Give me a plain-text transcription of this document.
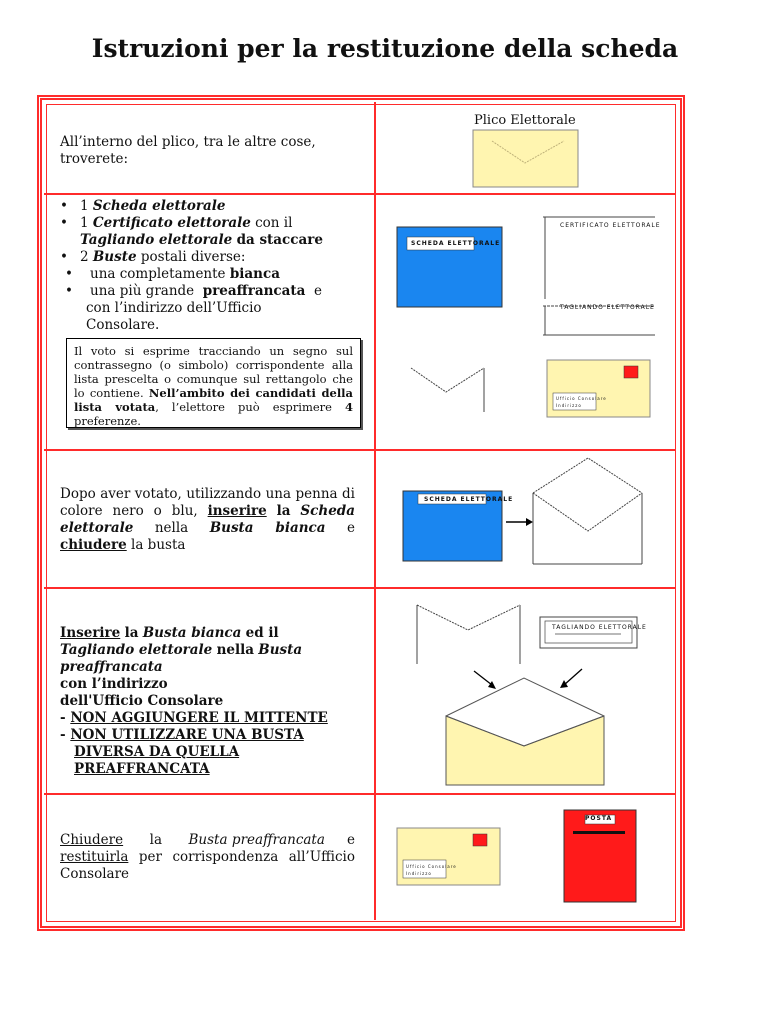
Istruzioni per la restituzione della scheda
All’interno del plico, tra le altre cose,
troverete:
Plico Elettorale
• 1 Scheda elettorale
• 1 Certificato elettorale con il
Tagliando elettorale da staccare
• 2 Buste postali diverse:
• una completamente bianca
• una più grande preaffrancata e
con l’indirizzo dell’Ufficio
Consolare.
Il voto si esprime tracciando un segno sul contrassegno (o simbolo) corrispondente alla lista prescelta o comunque sul rettangolo che lo contiene. Nell’ambito dei candidati della lista votata, l’elettore può esprimere 4 preferenze.
SCHEDA ELETTORALE
CERTIFICATO ELETTORALE
TAGLIANDO ELETTORALE
Ufficio Consolare
Indirizzo
Dopo aver votato, utilizzando una penna di colore nero o blu, inserire la Scheda elettorale nella Busta bianca e chiudere la busta
SCHEDA ELETTORALE
Inserire la Busta bianca ed il
Tagliando elettorale nella Busta preaffrancata
con l’indirizzo
dell'Ufficio Consolare
- NON AGGIUNGERE IL MITTENTE
- NON UTILIZZARE UNA BUSTA
DIVERSA DA QUELLA
PREAFFRANCATA
TAGLIANDO ELETTORALE
Chiudere la Busta preaffrancata e restituirla per corrispondenza all’Ufficio Consolare	Ufficio Consolare
Indirizzo
POSTA
